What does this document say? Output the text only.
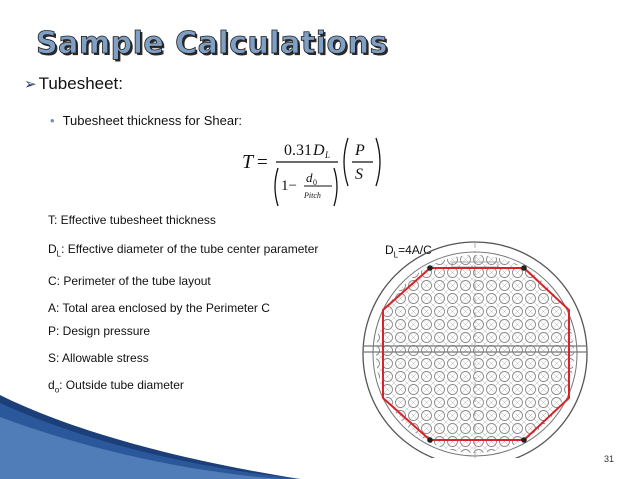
Sample Calculations
➢ Tubesheet:
• Tubesheet thickness for Shear:
T =
0.31 D L
1−
d 0
Pitch
P
S
T: Effective tubesheet thickness
$D_L$: Effective diameter of the tube center parameter
C: Perimeter of the tube layout
A: Total area enclosed by the Perimeter C
P: Design pressure
S: Allowable stress
$d_o$: Outside tube diameter
$D_L=4A/C$
31
